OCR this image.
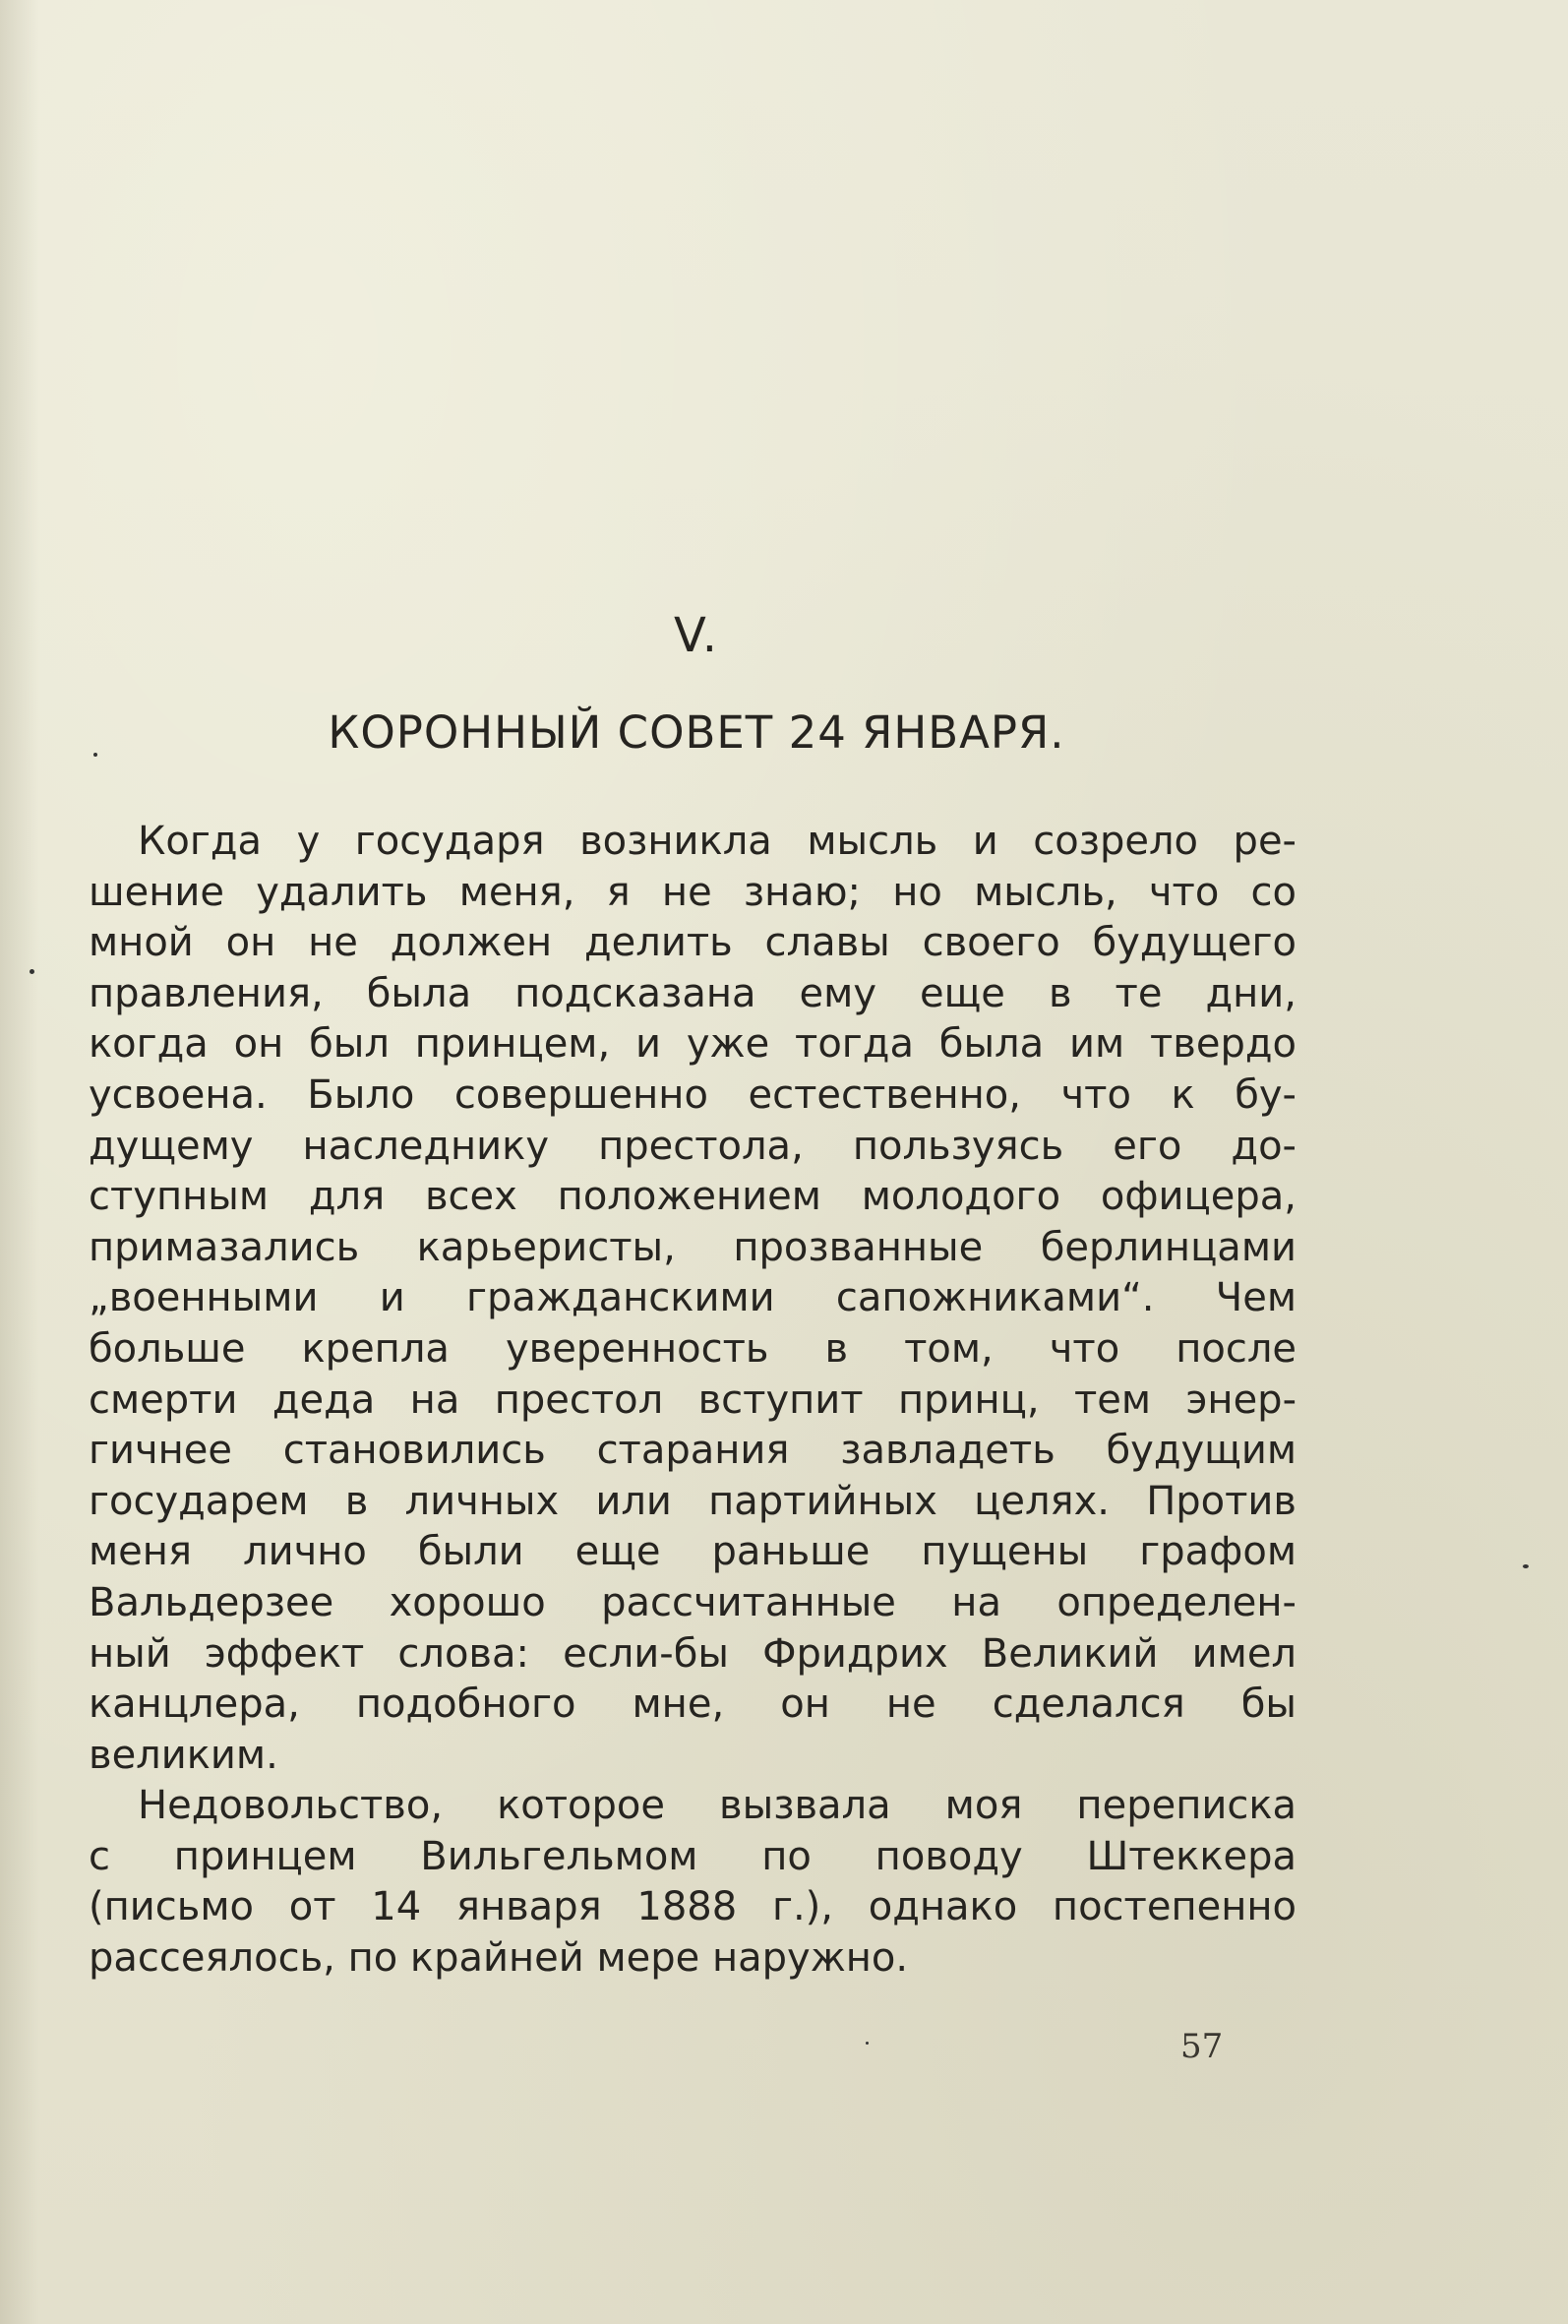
V.
КОРОННЫЙ СОВЕТ 24 ЯНВАРЯ.
Когда у государя возникла мысль и созрело ре-
шение удалить меня, я не знаю; но мысль, что со
мной он не должен делить славы своего будущего
правления, была подсказана ему еще в те дни,
когда он был принцем, и уже тогда была им твердо
усвоена. Было совершенно естественно, что к бу-
дущему наследнику престола, пользуясь его до-
ступным для всех положением молодого офицера,
примазались карьеристы, прозванные берлинцами
„военными и гражданскими сапожниками“. Чем
больше крепла уверенность в том, что после
смерти деда на престол вступит принц, тем энер-
гичнее становились старания завладеть будущим
государем в личных или партийных целях. Против
меня лично были еще раньше пущены графом
Вальдерзее хорошо рассчитанные на определен-
ный эффект слова: если-бы Фридрих Великий имел
канцлера, подобного мне, он не сделался бы
великим.
Недовольство, которое вызвала моя переписка
с принцем Вильгельмом по поводу Штеккера
(письмо от 14 января 1888 г.), однако постепенно
рассеялось, по крайней мере наружно.
57
